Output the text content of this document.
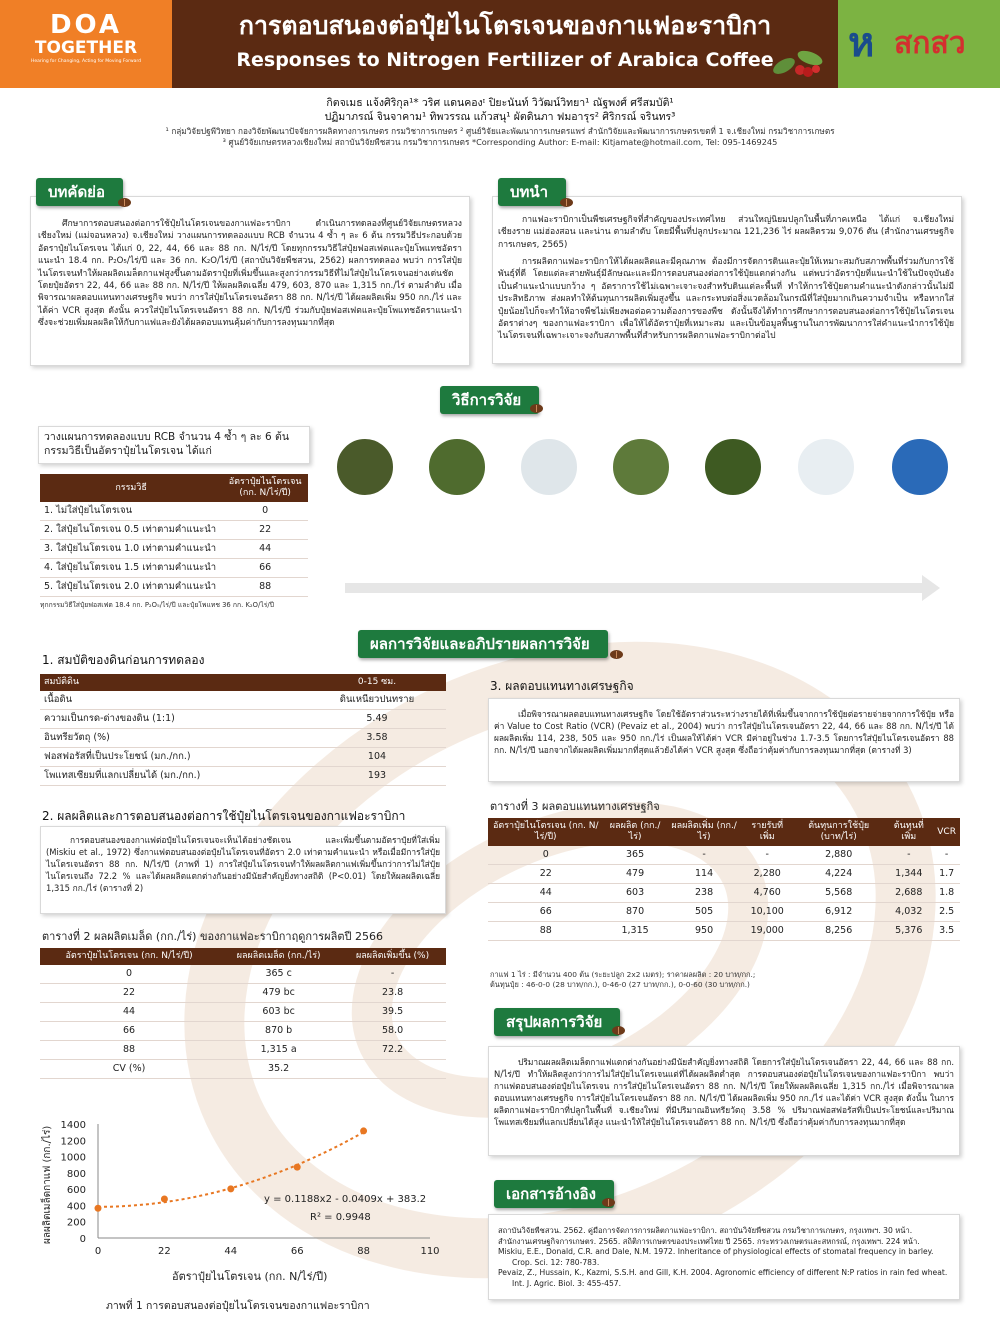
DOA
TOGETHER
Hearing for Changing, Acting for Moving Forward
การตอบสนองต่อปุ๋ยไนโตรเจนของกาแฟอะราบิกา
Responses to Nitrogen Fertilizer of Arabica Coffee	ห สกสว
กิตจเมธ แจ้งศิริกุล¹* วริศ แดนคองᶦ ปิยะนันท์ วิวัฒน์วิทยา¹ ณัฐพงศ์ ศรีสมบัติ¹
ปฏิมาภรณ์ จินจาคาม¹ ทิพวรรณ แก้วสนุ¹ ผัตดินภา ฟมอารุร² ศิริกรณ์ จรินทร³
¹ กลุ่มวิจัยปฐพีวิทยา กองวิจัยพัฒนาปัจจัยการผลิตทางการเกษตร กรมวิชาการเกษตร ² ศูนย์วิจัยและพัฒนาการเกษตรแพร่ สำนักวิจัยและพัฒนาการเกษตรเขตที่ 1 จ.เชียงใหม่ กรมวิชาการเกษตร
³ ศูนย์วิจัยเกษตรหลวงเชียงใหม่ สถาบันวิจัยพืชสวน กรมวิชาการเกษตร *Corresponding Author: E-mail: Kitjamate@hotmail.com, Tel: 095-1469245
บทคัดย่อ
ศึกษาการตอบสนองต่อการใช้ปุ๋ยไนโตรเจนของกาแฟอะราบิกา ดำเนินการทดลองที่ศูนย์วิจัยเกษตรหลวงเชียงใหม่ (แม่จอนหลวง) จ.เชียงใหม่ วางแผนการทดลองแบบ RCB จำนวน 4 ซ้ำ ๆ ละ 6 ต้น กรรมวิธีประกอบด้วยอัตราปุ๋ยไนโตรเจน ได้แก่ 0, 22, 44, 66 และ 88 กก. N/ไร่/ปี โดยทุกกรรมวิธีใส่ปุ๋ยฟอสเฟตและปุ๋ยโพแทชอัตราแนะนำ 18.4 กก. P₂O₅/ไร่/ปี และ 36 กก. K₂O/ไร่/ปี (สถาบันวิจัยพืชสวน, 2562) ผลการทดลอง พบว่า การใส่ปุ๋ยไนโตรเจนทำให้ผลผลิตเมล็ดกาแฟสูงขึ้นตามอัตราปุ๋ยที่เพิ่มขึ้นและสูงกว่ากรรมวิธีที่ไม่ใส่ปุ๋ยไนโตรเจนอย่างเด่นชัด โดยปุ๋ยอัตรา 22, 44, 66 และ 88 กก. N/ไร่/ปี ให้ผลผลิตเฉลี่ย 479, 603, 870 และ 1,315 กก./ไร่ ตามลำดับ เมื่อพิจารณาผลตอบแทนทางเศรษฐกิจ พบว่า การใส่ปุ๋ยไนโตรเจนอัตรา 88 กก. N/ไร่/ปี ได้ผลผลิตเพิ่ม 950 กก./ไร่ และได้ค่า VCR สูงสุด ดังนั้น ควรใส่ปุ๋ยไนโตรเจนอัตรา 88 กก. N/ไร่/ปี ร่วมกับปุ๋ยฟอสเฟตและปุ๋ยโพแทชอัตราแนะนำ ซึ่งจะช่วยเพิ่มผลผลิตให้กับกาแฟและยังได้ผลตอบแทนคุ้มค่ากับการลงทุนมากที่สุด
บทนำ
กาแฟอะราบิกาเป็นพืชเศรษฐกิจที่สำคัญของประเทศไทย ส่วนใหญ่นิยมปลูกในพื้นที่ภาคเหนือ ได้แก่ จ.เชียงใหม่ เชียงราย แม่ฮ่องสอน และน่าน ตามลำดับ โดยมีพื้นที่ปลูกประมาณ 121,236 ไร่ ผลผลิตรวม 9,076 ตัน (สำนักงานเศรษฐกิจการเกษตร, 2565)
การผลิตกาแฟอะราบิกาให้ได้ผลผลิตและมีคุณภาพ ต้องมีการจัดการดินและปุ๋ยให้เหมาะสมกับสภาพพื้นที่ร่วมกับการใช้พันธุ์ที่ดี โดยแต่ละสายพันธุ์มีลักษณะและมีการตอบสนองต่อการใช้ปุ๋ยแตกต่างกัน แต่พบว่าอัตราปุ๋ยที่แนะนำใช้ในปัจจุบันยังเป็นคำแนะนำแบบกว้าง ๆ อัตราการใช้ไม่เฉพาะเจาะจงสำหรับดินแต่ละพื้นที่ ทำให้การใช้ปุ๋ยตามคำแนะนำดังกล่าวนั้นไม่มีประสิทธิภาพ ส่งผลทำให้ต้นทุนการผลิตเพิ่มสูงขึ้น และกระทบต่อสิ่งแวดล้อมในกรณีที่ใส่ปุ๋ยมากเกินความจำเป็น หรือหากใส่ปุ๋ยน้อยไปก็จะทำให้อาจพืชไม่เพียงพอต่อความต้องการของพืช ดังนั้นจึงได้ทำการศึกษาการตอบสนองต่อการใช้ปุ๋ยไนโตรเจนอัตราต่างๆ ของกาแฟอะราบิกา เพื่อให้ได้อัตราปุ๋ยที่เหมาะสม และเป็นข้อมูลพื้นฐานในการพัฒนาการใส่คำแนะนำการใช้ปุ๋ยไนโตรเจนที่เฉพาะเจาะจงกับสภาพพื้นที่สำหรับการผลิตกาแฟอะราบิกาต่อไป
วิธีการวิจัย
วางแผนการทดลองแบบ RCB จำนวน 4 ซ้ำ ๆ ละ 6 ต้น กรรมวิธีเป็นอัตราปุ๋ยไนโตรเจน ได้แก่
กรรมวิธี	อัตราปุ๋ยไนโตรเจน (กก. N/ไร่/ปี)
1. ไม่ใส่ปุ๋ยไนโตรเจน	0
2. ใส่ปุ๋ยไนโตรเจน 0.5 เท่าตามคำแนะนำ	22
3. ใส่ปุ๋ยไนโตรเจน 1.0 เท่าตามคำแนะนำ	44
4. ใส่ปุ๋ยไนโตรเจน 1.5 เท่าตามคำแนะนำ	66
5. ใส่ปุ๋ยไนโตรเจน 2.0 เท่าตามคำแนะนำ	88
ทุกกรรมวิธีใส่ปุ๋ยฟอสเฟต 18.4 กก. P₂O₅/ไร่/ปี และปุ๋ยโพแทช 36 กก. K₂O/ไร่/ปี
คัดเลือกแปลงกาแฟอะราบิกา
เก็บตัวอย่างดินก่อนการทดลอง
วิเคราะห์สมบัติทางกายภาพและเคมีของดินก่อนการทดลอง
ใส่ปุ๋ยในเดือนพฤษภาคม สิงหาคม และตุลาคม ตามกรรมวิธีต่าง ๆ
เก็บเกี่ยวผลผลิต สุ่มเก็บตัวอย่างใบและเก็บตัวอย่างดินหลังเก็บเกี่ยว
วิเคราะห์ปริมาณธาตุอาหารในดิน ใบ และผลผลิต
วิเคราะห์ข้อมูลทางสถิติด้วยโปรแกรม irristat
ผลการวิจัยและอภิปรายผลการวิจัย
1. สมบัติของดินก่อนการทดลอง
สมบัติดิน	0-15 ซม.
เนื้อดิน	ดินเหนียวปนทราย
ความเป็นกรด-ด่างของดิน (1:1)	5.49
อินทรียวัตถุ (%)	3.58
ฟอสฟอรัสที่เป็นประโยชน์ (มก./กก.)	104
โพแทสเซียมที่แลกเปลี่ยนได้ (มก./กก.)	193
2. ผลผลิตและการตอบสนองต่อการใช้ปุ๋ยไนโตรเจนของกาแฟอะราบิกา
การตอบสนองของกาแฟต่อปุ๋ยไนโตรเจนจะเห็นได้อย่างชัดเจน และเพิ่มขึ้นตามอัตราปุ๋ยที่ใส่เพิ่ม (Miskiu et al., 1972) ซึ่งกาแฟตอบสนองต่อปุ๋ยไนโตรเจนที่อัตรา 2.0 เท่าตามคำแนะนำ หรือเมื่อมีการใส่ปุ๋ยไนโตรเจนอัตรา 88 กก. N/ไร่/ปี (ภาพที่ 1) การใส่ปุ๋ยไนโตรเจนทำให้ผลผลิตกาแฟเพิ่มขึ้นกว่าการไม่ใส่ปุ๋ยไนโตรเจนถึง 72.2 % และได้ผลผลิตแตกต่างกันอย่างมีนัยสำคัญยิ่งทางสถิติ (P<0.01) โดยให้ผลผลิตเฉลี่ย 1,315 กก./ไร่ (ตารางที่ 2)
ตารางที่ 2 ผลผลิตเมล็ด (กก./ไร่) ของกาแฟอะราบิกาฤดูการผลิตปี 2566
อัตราปุ๋ยไนโตรเจน (กก. N/ไร่/ปี)	ผลผลิตเมล็ด (กก./ไร่)	ผลผลิตเพิ่มขึ้น (%)
0	365 c	-
22	479 bc	23.8
44	603 bc	39.5
66	870 b	58.0
88	1,315 a	72.2
CV (%)	35.2	
0	22	44	66	88	110
0
200
400
600
800
1000
1200
1400
y = 0.1188x2 - 0.0409x + 383.2
R² = 0.9948
อัตราปุ๋ยไนโตรเจน (กก. N/ไร่/ปี)
ผลผลิตเมล็ดกาแฟ (กก./ไร่)
ภาพที่ 1 การตอบสนองต่อปุ๋ยไนโตรเจนของกาแฟอะราบิกา
3. ผลตอบแทนทางเศรษฐกิจ
เมื่อพิจารณาผลตอบแทนทางเศรษฐกิจ โดยใช้อัตราส่วนระหว่างรายได้ที่เพิ่มขึ้นจากการใช้ปุ๋ยต่อรายจ่ายจากการใช้ปุ๋ย หรือค่า Value to Cost Ratio (VCR) (Pevaiz et al., 2004) พบว่า การใส่ปุ๋ยไนโตรเจนอัตรา 22, 44, 66 และ 88 กก. N/ไร่/ปี ได้ผลผลิตเพิ่ม 114, 238, 505 และ 950 กก./ไร่ เป็นผลให้ได้ค่า VCR มีค่าอยู่ในช่วง 1.7-3.5 โดยการใส่ปุ๋ยไนโตรเจนอัตรา 88 กก. N/ไร่/ปี นอกจากได้ผลผลิตเพิ่มมากที่สุดแล้วยังได้ค่า VCR สูงสุด ซึ่งถือว่าคุ้มค่ากับการลงทุนมากที่สุด (ตารางที่ 3)
ตารางที่ 3 ผลตอบแทนทางเศรษฐกิจ
อัตราปุ๋ยไนโตรเจน (กก. N/ไร่/ปี)	ผลผลิต (กก./ไร่)	ผลผลิตเพิ่ม (กก./ไร่)	รายรับที่เพิ่ม	ต้นทุนการใช้ปุ๋ย (บาท/ไร่)	ต้นทุนที่เพิ่ม	VCR
0	365	-	-	2,880	-	-
22	479	114	2,280	4,224	1,344	1.7
44	603	238	4,760	5,568	2,688	1.8
66	870	505	10,100	6,912	4,032	2.5
88	1,315	950	19,000	8,256	5,376	3.5
กาแฟ 1 ไร่ : มีจำนวน 400 ต้น (ระยะปลูก 2x2 เมตร); ราคาผลผลิต : 20 บาท/กก.;
ต้นทุนปุ๋ย : 46-0-0 (28 บาท/กก.), 0-46-0 (27 บาท/กก.), 0-0-60 (30 บาท/กก.)
สรุปผลการวิจัย
ปริมาณผลผลิตเมล็ดกาแฟแตกต่างกันอย่างมีนัยสำคัญยิ่งทางสถิติ โดยการใส่ปุ๋ยไนโตรเจนอัตรา 22, 44, 66 และ 88 กก. N/ไร่/ปี ทำให้ผลิตสูงกว่าการไม่ใส่ปุ๋ยไนโตรเจนแต่ที่ได้ผลผลิตต่ำสุด การตอบสนองต่อปุ๋ยไนโตรเจนของกาแฟอะราบิกา พบว่า กาแฟตอบสนองต่อปุ๋ยไนโตรเจน การใส่ปุ๋ยไนโตรเจนอัตรา 88 กก. N/ไร่/ปี โดยให้ผลผลิตเฉลี่ย 1,315 กก./ไร่ เมื่อพิจารณาผลตอบแทนทางเศรษฐกิจ การใส่ปุ๋ยไนโตรเจนอัตรา 88 กก. N/ไร่/ปี ได้ผลผลิตเพิ่ม 950 กก./ไร่ และได้ค่า VCR สูงสุด ดังนั้น ในการผลิตกาแฟอะราบิกาที่ปลูกในพื้นที่ จ.เชียงใหม่ ที่มีปริมาณอินทรียวัตถุ 3.58 % ปริมาณฟอสฟอรัสที่เป็นประโยชน์และปริมาณโพแทสเซียมที่แลกเปลี่ยนได้สูง แนะนำให้ใส่ปุ๋ยไนโตรเจนอัตรา 88 กก. N/ไร่/ปี ซึ่งถือว่าคุ้มค่ากับการลงทุนมากที่สุด
เอกสารอ้างอิง
สถาบันวิจัยพืชสวน. 2562. คู่มือการจัดการการผลิตกาแฟอะราบิกา. สถาบันวิจัยพืชสวน กรมวิชาการเกษตร, กรุงเทพฯ. 30 หน้า.
สำนักงานเศรษฐกิจการเกษตร. 2565. สถิติการเกษตรของประเทศไทย ปี 2565. กระทรวงเกษตรและสหกรณ์, กรุงเทพฯ. 224 หน้า.
Miskiu, E.E., Donald, C.R. and Dale, N.M. 1972. Inheritance of physiological effects of stomatal frequency in barley. Crop. Sci. 12: 780-783.
Pevaiz, Z., Hussain, K., Kazmi, S.S.H. and Gill, K.H. 2004. Agronomic efficiency of different N:P ratios in rain fed wheat. Int. J. Agric. Biol. 3: 455-457.
